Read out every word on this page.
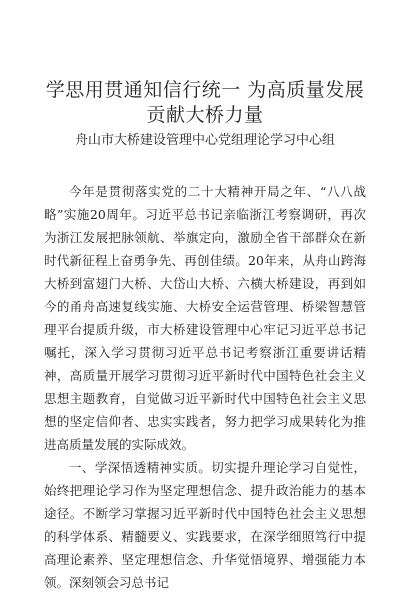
学思用贯通知信行统一 为高质量发展贡献大桥力量
舟山市大桥建设管理中心党组理论学习中心组

今年是贯彻落实党的二十大精神开局之年、“八八战略”实施20周年。习近平总书记亲临浙江考察调研，再次为浙江发展把脉领航、举旗定向，激励全省干部群众在新时代新征程上奋勇争先、再创佳绩。20年来，从舟山跨海大桥到富翅门大桥、大岱山大桥、六横大桥建设，再到如今的甬舟高速复线实施、大桥安全运营管理、桥梁智慧管理平台提质升级，市大桥建设管理中心牢记习近平总书记嘱托，深入学习贯彻习近平总书记考察浙江重要讲话精神，高质量开展学习贯彻习近平新时代中国特色社会主义思想主题教育，自觉做习近平新时代中国特色社会主义思想的坚定信仰者、忠实实践者，努力把学习成果转化为推进高质量发展的实际成效。

一、学深悟透精神实质。切实提升理论学习自觉性，始终把理论学习作为坚定理想信念、提升政治能力的基本途径。不断学习掌握习近平新时代中国特色社会主义思想的科学体系、精髓要义、实践要求，在深学细照笃行中提高理论素养、坚定理想信念、升华觉悟境界、增强能力本领。深刻领会习总书记
